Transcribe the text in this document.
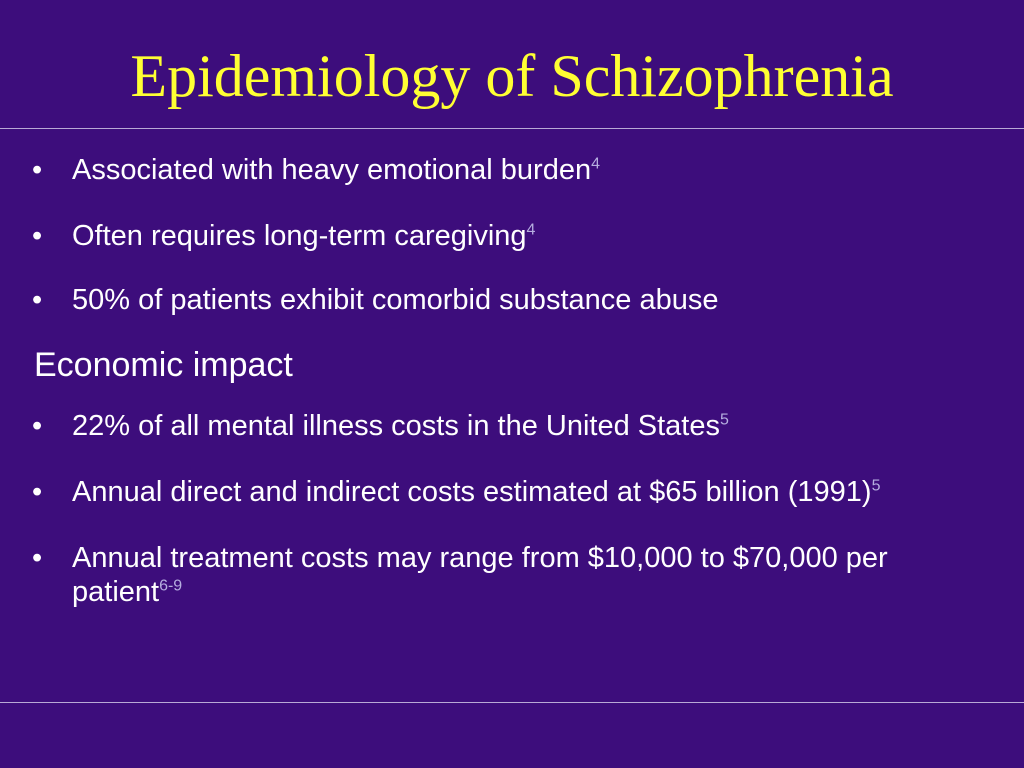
Epidemiology of Schizophrenia

• Associated with heavy emotional burden$^4$

• Often requires long-term caregiving$^4$

• 50% of patients exhibit comorbid substance abuse

Economic impact

• 22% of all mental illness costs in the United States$^5$

• Annual direct and indirect costs estimated at $65 billion $(1991)^5$

• Annual treatment costs may range from $10,000 to $70,000 per patient$^{6-9}$
